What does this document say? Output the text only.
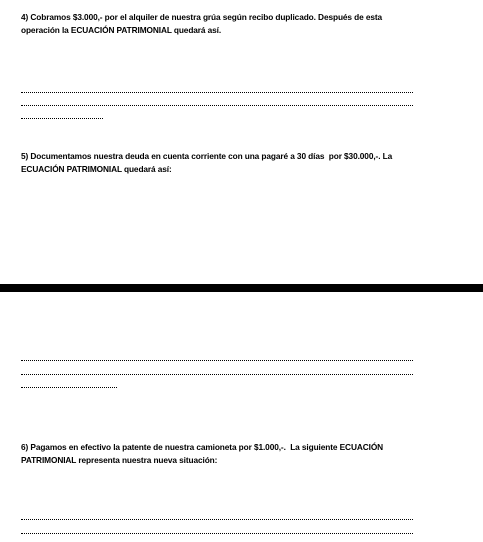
4) Cobramos $3.000,- por el alquiler de nuestra grúa según recibo duplicado. Después de esta
operación la ECUACIÓN PATRIMONIAL quedará así.
5) Documentamos nuestra deuda en cuenta corriente con una pagaré a 30 días  por $30.000,-. La
ECUACIÓN PATRIMONIAL quedará así:
6) Pagamos en efectivo la patente de nuestra camioneta por $1.000,-.  La siguiente ECUACIÓN
PATRIMONIAL representa nuestra nueva situación:
